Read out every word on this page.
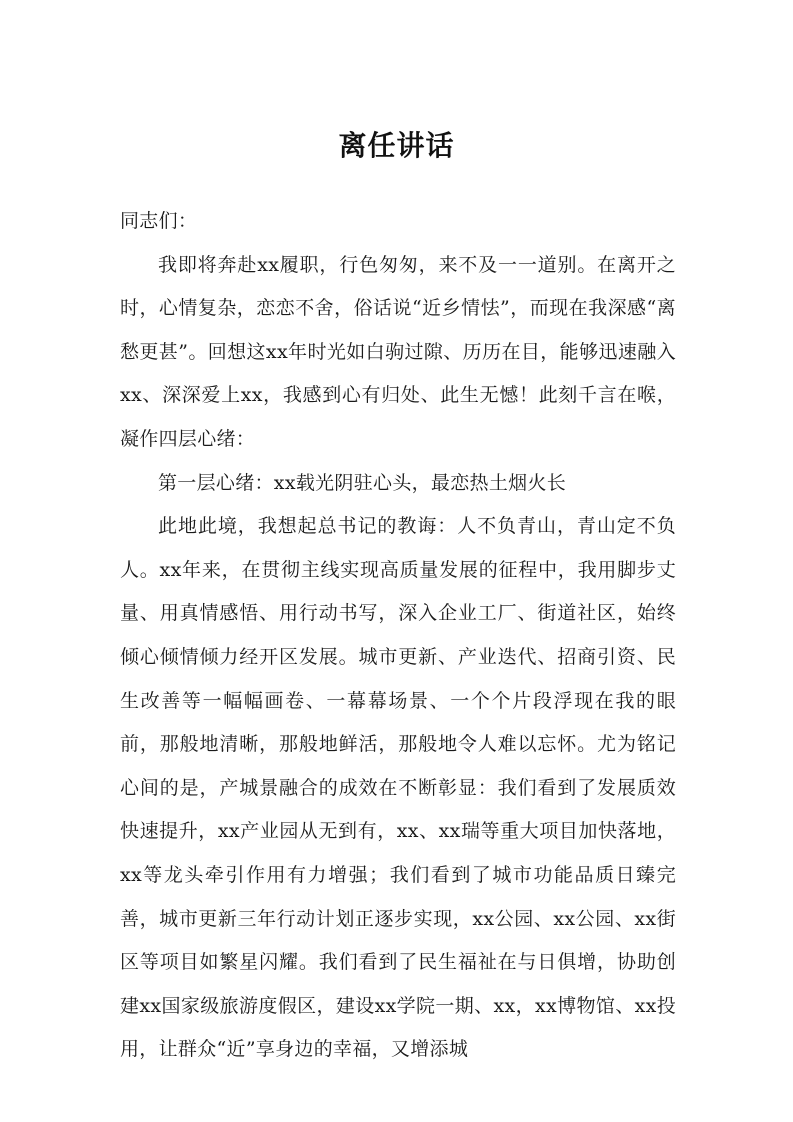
离任讲话

同志们：

我即将奔赴xx履职，行色匆匆，来不及一一道别。在离开之时，心情复杂，恋恋不舍，俗话说“近乡情怯”，而现在我深感“离愁更甚”。回想这xx年时光如白驹过隙、历历在目，能够迅速融入xx、深深爱上xx，我感到心有归处、此生无憾！此刻千言在喉，凝作四层心绪：

第一层心绪：xx载光阴驻心头，最恋热土烟火长

此地此境，我想起总书记的教诲：人不负青山，青山定不负人。xx年来，在贯彻主线实现高质量发展的征程中，我用脚步丈量、用真情感悟、用行动书写，深入企业工厂、街道社区，始终倾心倾情倾力经开区发展。城市更新、产业迭代、招商引资、民生改善等一幅幅画卷、一幕幕场景、一个个片段浮现在我的眼前，那般地清晰，那般地鲜活，那般地令人难以忘怀。尤为铭记心间的是，产城景融合的成效在不断彰显：我们看到了发展质效快速提升，xx产业园从无到有，xx、xx瑞等重大项目加快落地，xx等龙头牵引作用有力增强；我们看到了城市功能品质日臻完善，城市更新三年行动计划正逐步实现，xx公园、xx公园、xx街区等项目如繁星闪耀。我们看到了民生福祉在与日俱增，协助创建xx国家级旅游度假区，建设xx学院一期、xx，xx博物馆、xx投用，让群众“近”享身边的幸福，又增添城
